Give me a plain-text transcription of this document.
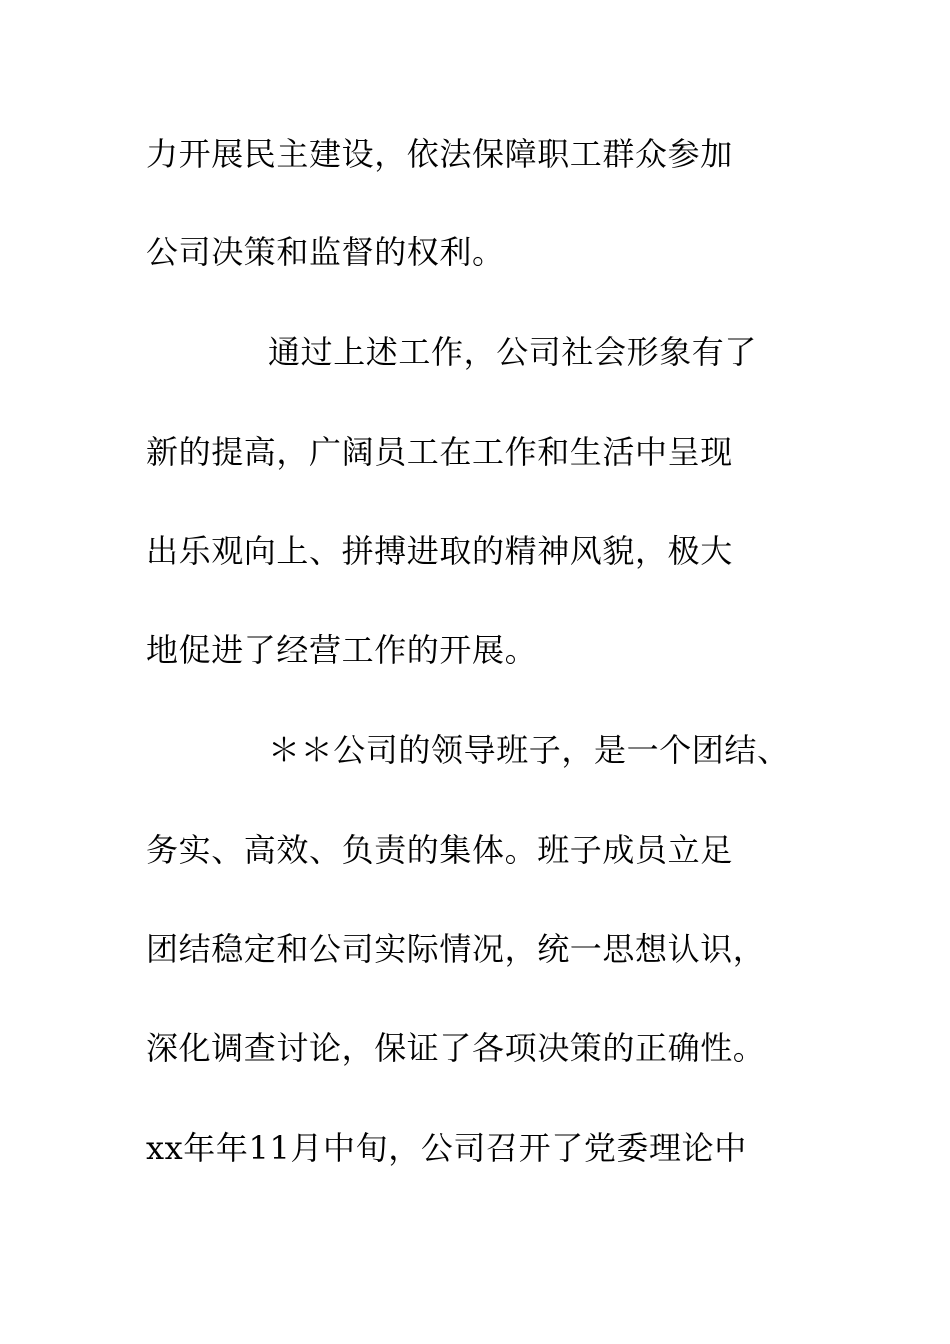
力开展民主建设，依法保障职工群众参加
公司决策和监督的权利。
通过上述工作，公司社会形象有了
新的提高，广阔员工在工作和生活中呈现
出乐观向上、拼搏进取的精神风貌，极大
地促进了经营工作的开展。
＊＊公司的领导班子，是一个团结、
务实、高效、负责的集体。班子成员立足
团结稳定和公司实际情况，统一思想认识，
深化调查讨论，保证了各项决策的正确性。
xx年年11月中旬，公司召开了党委理论中
